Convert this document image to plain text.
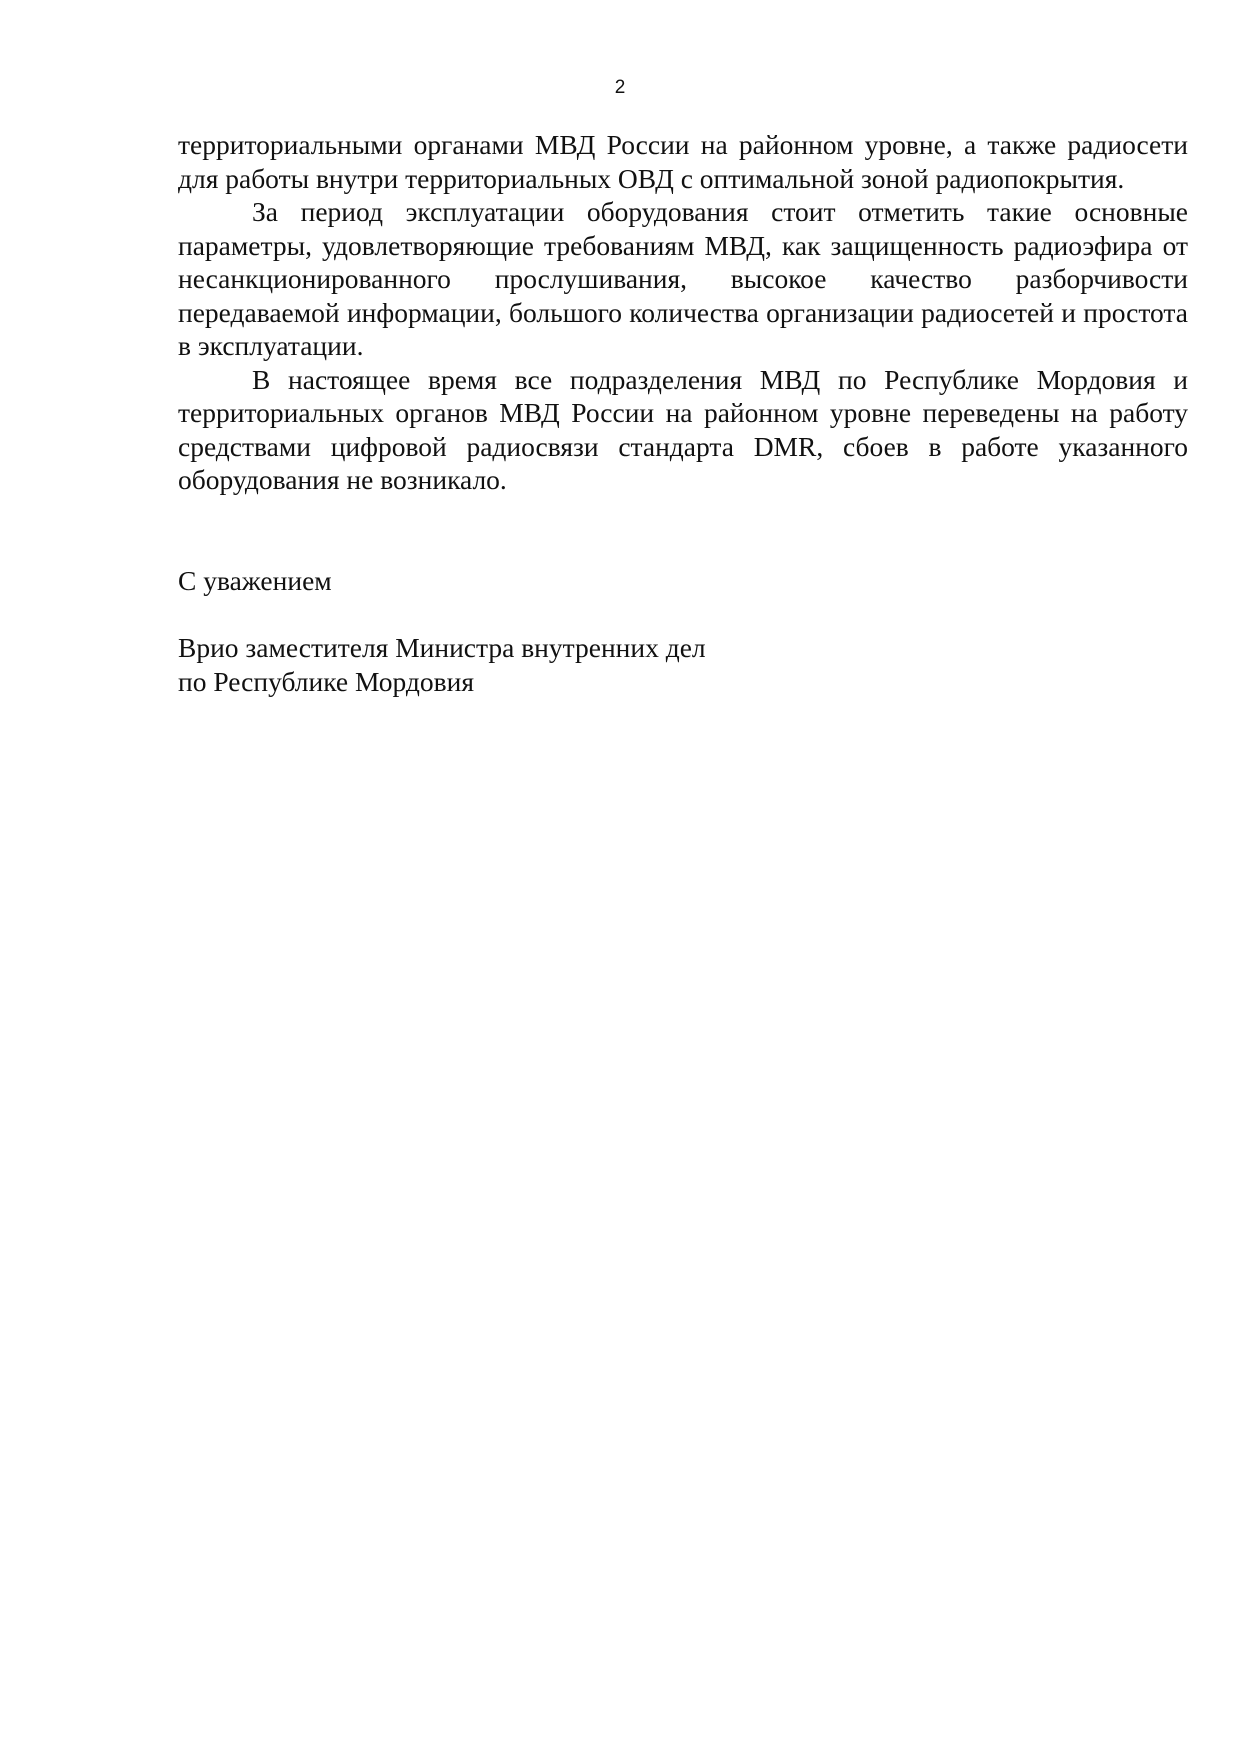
2

территориальными органами МВД России на районном уровне, а также радиосети для работы внутри территориальных ОВД с оптимальной зоной радиопокрытия.

За период эксплуатации оборудования стоит отметить такие основные параметры, удовлетворяющие требованиям МВД, как защищенность радиоэфира от несанкционированного прослушивания, высокое качество разборчивости передаваемой информации, большого количества организации радиосетей и простота в эксплуатации.

В настоящее время все подразделения МВД по Республике Мордовия и территориальных органов МВД России на районном уровне переведены на работу средствами цифровой радиосвязи стандарта DMR, сбоев в работе указанного оборудования не возникало.

С уважением

Врио заместителя Министра внутренних дел
по Республике Мордовия
